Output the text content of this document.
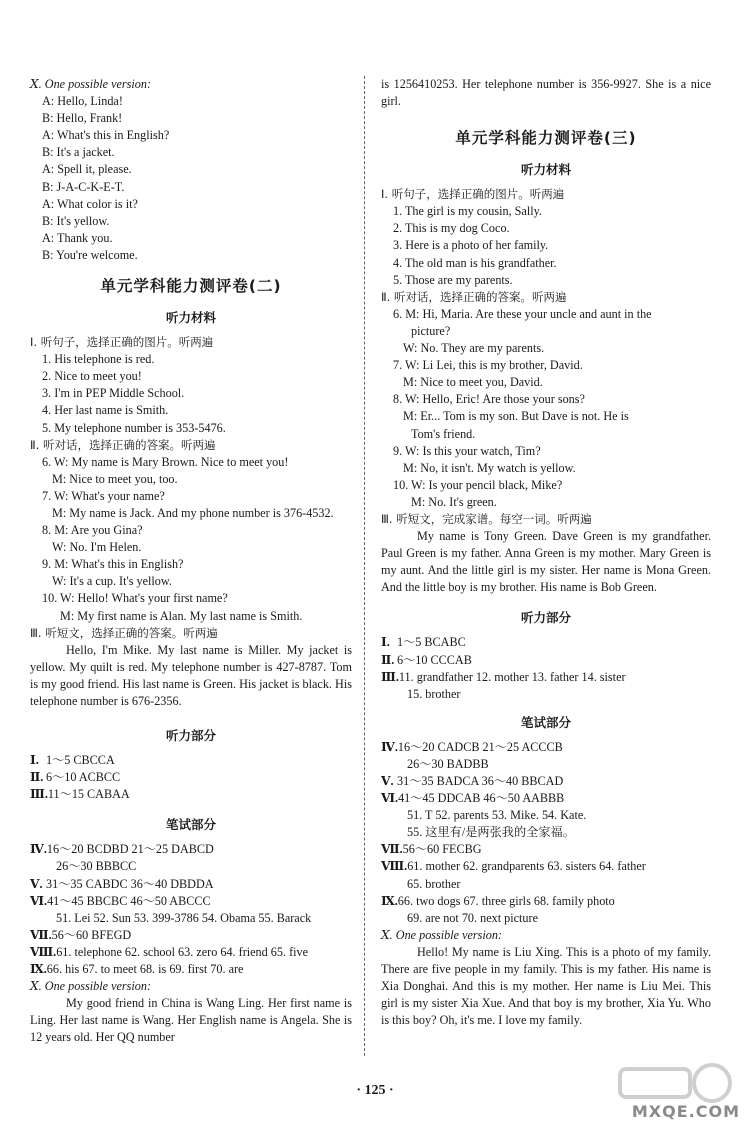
Ⅹ. One possible version:
A: Hello, Linda!
B: Hello, Frank!
A: What's this in English?
B: It's a jacket.
A: Spell it, please.
B: J-A-C-K-E-T.
A: What color is it?
B: It's yellow.
A: Thank you.
B: You're welcome.
单元学科能力测评卷(二)
听力材料
Ⅰ. 听句子，选择正确的图片。听两遍
1. His telephone is red.
2. Nice to meet you!
3. I'm in PEP Middle School.
4. Her last name is Smith.
5. My telephone number is 353-5476.
Ⅱ. 听对话，选择正确的答案。听两遍
6. W: My name is Mary Brown. Nice to meet you!
M: Nice to meet you, too.
7. W: What's your name?
M: My name is Jack. And my phone number is 376-4532.
8. M: Are you Gina?
W: No. I'm Helen.
9. M: What's this in English?
W: It's a cup. It's yellow.
10. W: Hello! What's your first name?
M: My first name is Alan. My last name is Smith.
Ⅲ. 听短文，选择正确的答案。听两遍
Hello, I'm Mike. My last name is Miller. My jacket is yellow. My quilt is red. My telephone number is 427-8787. Tom is my good friend. His last name is Green. His jacket is black. His telephone number is 676-2356.
听力部分
Ⅰ. 1～5 CBCCA
Ⅱ. 6～10 ACBCC
Ⅲ.11～15 CABAA
笔试部分
Ⅳ.16～20 BCDBD 21～25 DABCD
26～30 BBBCC
Ⅴ. 31～35 CABDC 36～40 DBDDA
Ⅵ.41～45 BBCBC 46～50 ABCCC
51. Lei 52. Sun 53. 399-3786 54. Obama 55. Barack
Ⅶ.56～60 BFEGD
Ⅷ.61. telephone 62. school 63. zero 64. friend 65. five
Ⅸ.66. his 67. to meet 68. is 69. first 70. are
Ⅹ. One possible version:
My good friend in China is Wang Ling. Her first name is Ling. Her last name is Wang. Her English name is Angela. She is 12 years old. Her QQ number
is 1256410253. Her telephone number is 356-9927. She is a nice girl.
单元学科能力测评卷(三)
听力材料
Ⅰ. 听句子，选择正确的图片。听两遍
1. The girl is my cousin, Sally.
2. This is my dog Coco.
3. Here is a photo of her family.
4. The old man is his grandfather.
5. Those are my parents.
Ⅱ. 听对话，选择正确的答案。听两遍
6. M: Hi, Maria. Are these your uncle and aunt in the
picture?
W: No. They are my parents.
7. W: Li Lei, this is my brother, David.
M: Nice to meet you, David.
8. W: Hello, Eric! Are those your sons?
M: Er... Tom is my son. But Dave is not. He is
Tom's friend.
9. W: Is this your watch, Tim?
M: No, it isn't. My watch is yellow.
10. W: Is your pencil black, Mike?
M: No. It's green.
Ⅲ. 听短文，完成家谱。每空一词。听两遍
My name is Tony Green. Dave Green is my grandfather. Paul Green is my father. Anna Green is my mother. Mary Green is my aunt. And the little girl is my sister. Her name is Mona Green. And the little boy is my brother. His name is Bob Green.
听力部分
Ⅰ. 1～5 BCABC
Ⅱ. 6～10 CCCAB
Ⅲ.11. grandfather 12. mother 13. father 14. sister
15. brother
笔试部分
Ⅳ.16～20 CADCB 21～25 ACCCB
26～30 BADBB
Ⅴ. 31～35 BADCA 36～40 BBCAD
Ⅵ.41～45 DDCAB 46～50 AABBB
51. T 52. parents 53. Mike. 54. Kate.
55. 这里有/是两张我的全家福。
Ⅶ.56～60 FECBG
Ⅷ.61. mother 62. grandparents 63. sisters 64. father
65. brother
Ⅸ.66. two dogs 67. three girls 68. family photo
69. are not 70. next picture
Ⅹ. One possible version:
Hello! My name is Liu Xing. This is a photo of my family. There are five people in my family. This is my father. His name is Xia Donghai. And this is my mother. Her name is Liu Mei. This girl is my sister Xia Xue. And that boy is my brother, Xia Yu. Who is this boy? Oh, it's me. I love my family.
· 125 ·
MXQE.COM
